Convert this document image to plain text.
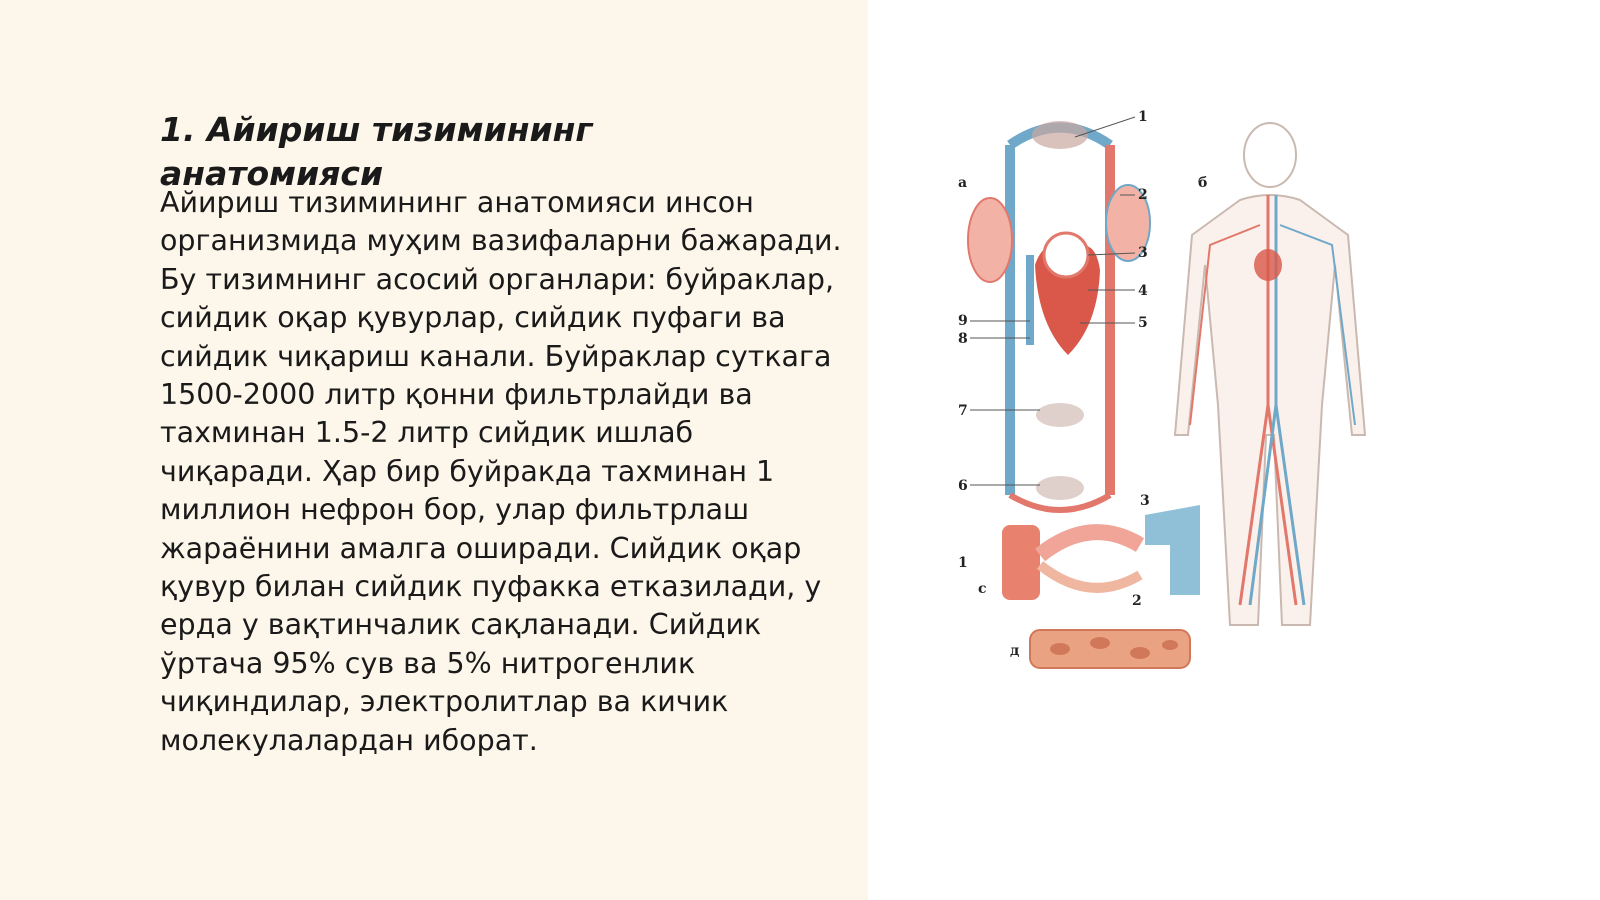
1. Айириш тизимининг анатомияси

Айириш тизимининг анатомияси инсон организмида муҳим вазифаларни бажаради. Бу тизимнинг асосий органлари: буйраклар, сийдик оқар қувурлар, сийдик пуфаги ва сийдик чиқариш канали. Буйраклар суткага 1500-2000 литр қонни фильтрлайди ва тахминан 1.5-2 литр сийдик ишлаб чиқаради. Ҳар бир буйракда тахминан 1 миллион нефрон бор, улар фильтрлаш жараёнини амалга оширади. Сийдик оқар қувур билан сийдик пуфакка етказилади, у ерда у вақтинчалик сақланади. Сийдик ўртача 95% сув ва 5% нитрогенлик чиқиндилар, электролитлар ва кичик молекулалардан иборат.

а
1
2
3
4
5
6
7
8
9
б
1
с
3
2
д
